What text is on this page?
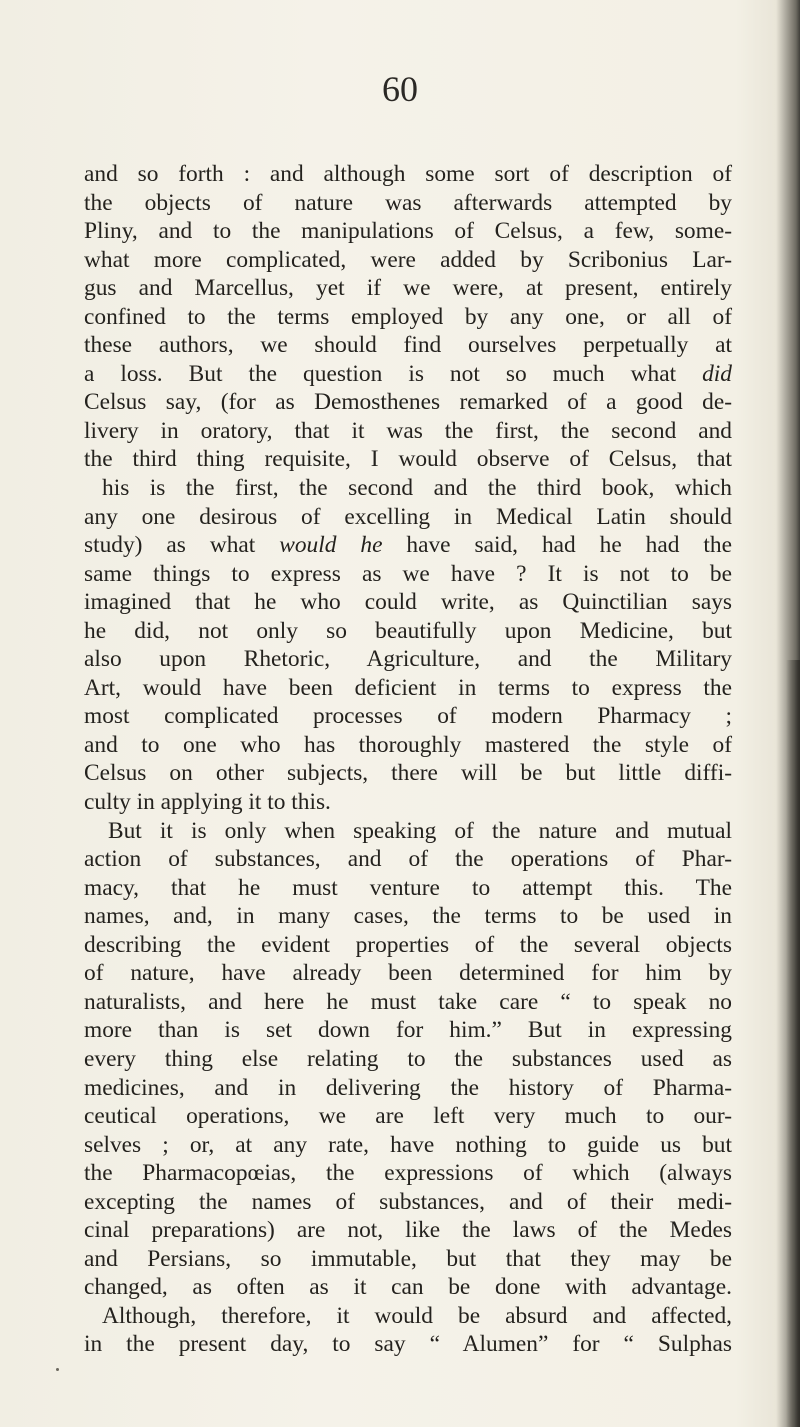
60
and so forth : and although some sort of description of
the objects of nature was afterwards attempted by
Pliny, and to the manipulations of Celsus, a few, some-
what more complicated, were added by Scribonius Lar-
gus and Marcellus, yet if we were, at present, entirely
confined to the terms employed by any one, or all of
these authors, we should find ourselves perpetually at
a loss. But the question is not so much what did
Celsus say, (for as Demosthenes remarked of a good de-
livery in oratory, that it was the first, the second and
the third thing requisite, I would observe of Celsus, that
his is the first, the second and the third book, which
any one desirous of excelling in Medical Latin should
study) as what would he have said, had he had the
same things to express as we have ? It is not to be
imagined that he who could write, as Quinctilian says
he did, not only so beautifully upon Medicine, but
also upon Rhetoric, Agriculture, and the Military
Art, would have been deficient in terms to express the
most complicated processes of modern Pharmacy ;
and to one who has thoroughly mastered the style of
Celsus on other subjects, there will be but little diffi-
culty in applying it to this.
But it is only when speaking of the nature and mutual
action of substances, and of the operations of Phar-
macy, that he must venture to attempt this. The
names, and, in many cases, the terms to be used in
describing the evident properties of the several objects
of nature, have already been determined for him by
naturalists, and here he must take care “ to speak no
more than is set down for him.” But in expressing
every thing else relating to the substances used as
medicines, and in delivering the history of Pharma-
ceutical operations, we are left very much to our-
selves ; or, at any rate, have nothing to guide us but
the Pharmacopœias, the expressions of which (always
excepting the names of substances, and of their medi-
cinal preparations) are not, like the laws of the Medes
and Persians, so immutable, but that they may be
changed, as often as it can be done with advantage.
Although, therefore, it would be absurd and affected,
in the present day, to say “ Alumen” for “ Sulphas
